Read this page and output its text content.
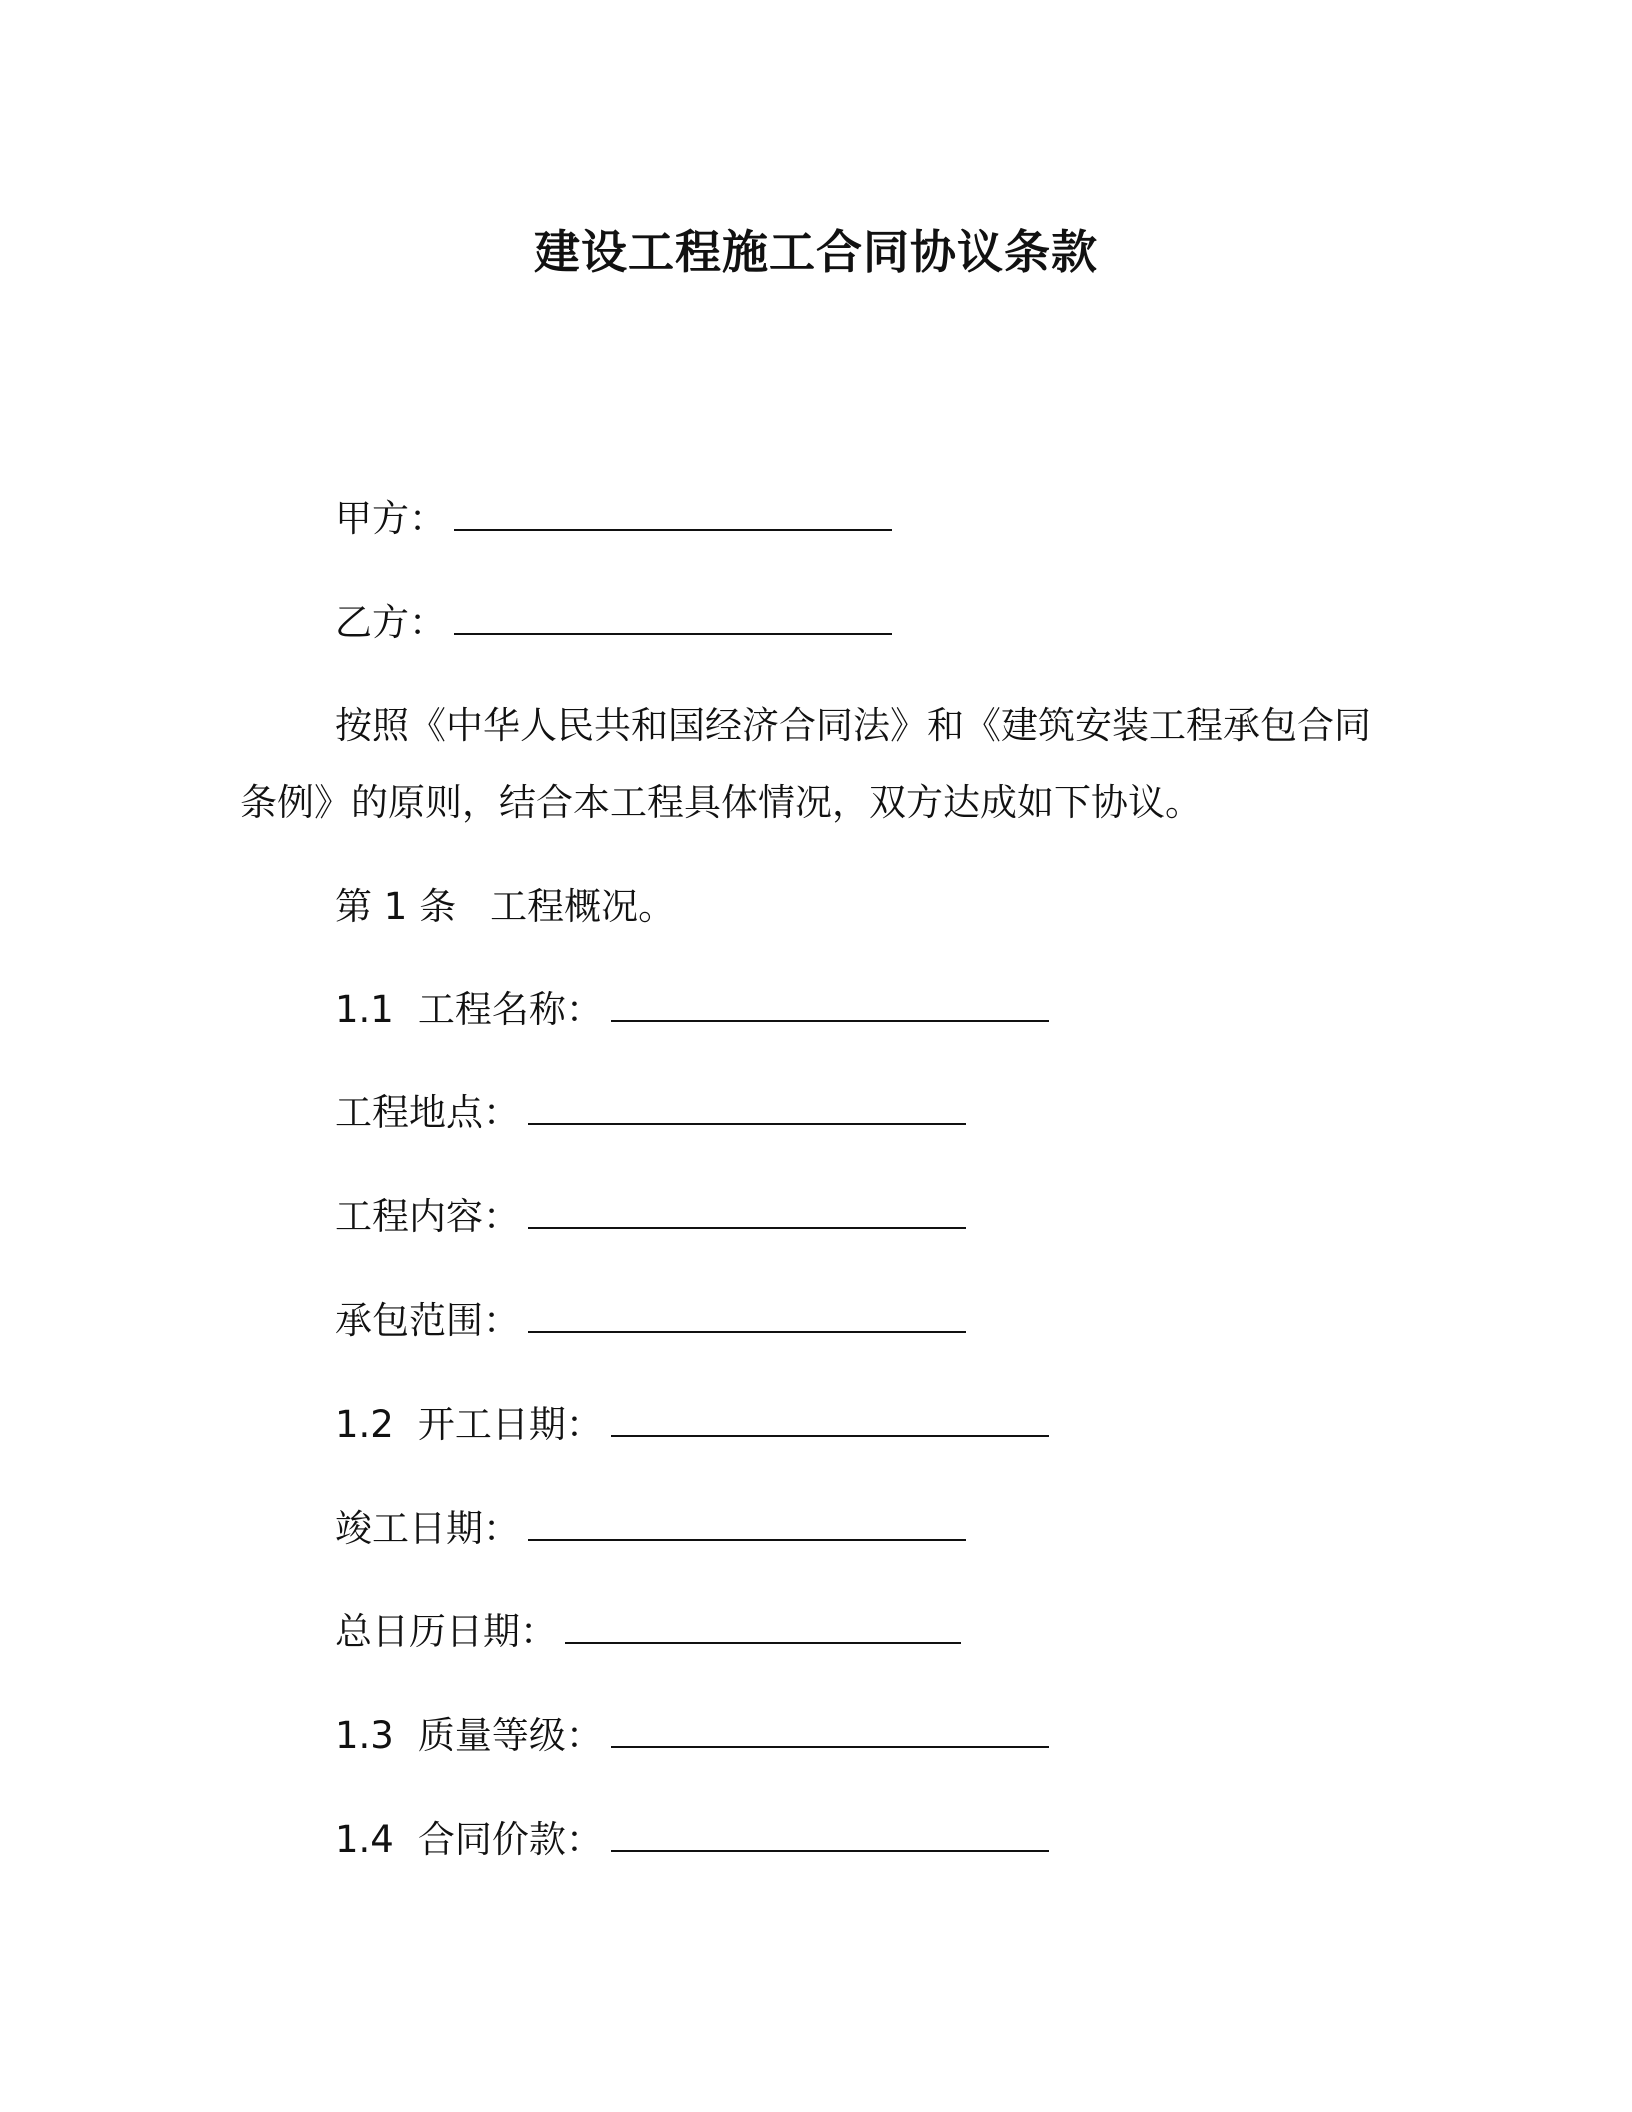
建设工程施工合同协议条款
甲方：
乙方：
按照《中华人民共和国经济合同法》和《建筑安装工程承包合同
条例》的原则，结合本工程具体情况，双方达成如下协议。
第 1 条 工程概况。
1.1 工程名称：
工程地点：
工程内容：
承包范围：
1.2 开工日期：
竣工日期：
总日历日期：
1.3 质量等级：
1.4 合同价款：
